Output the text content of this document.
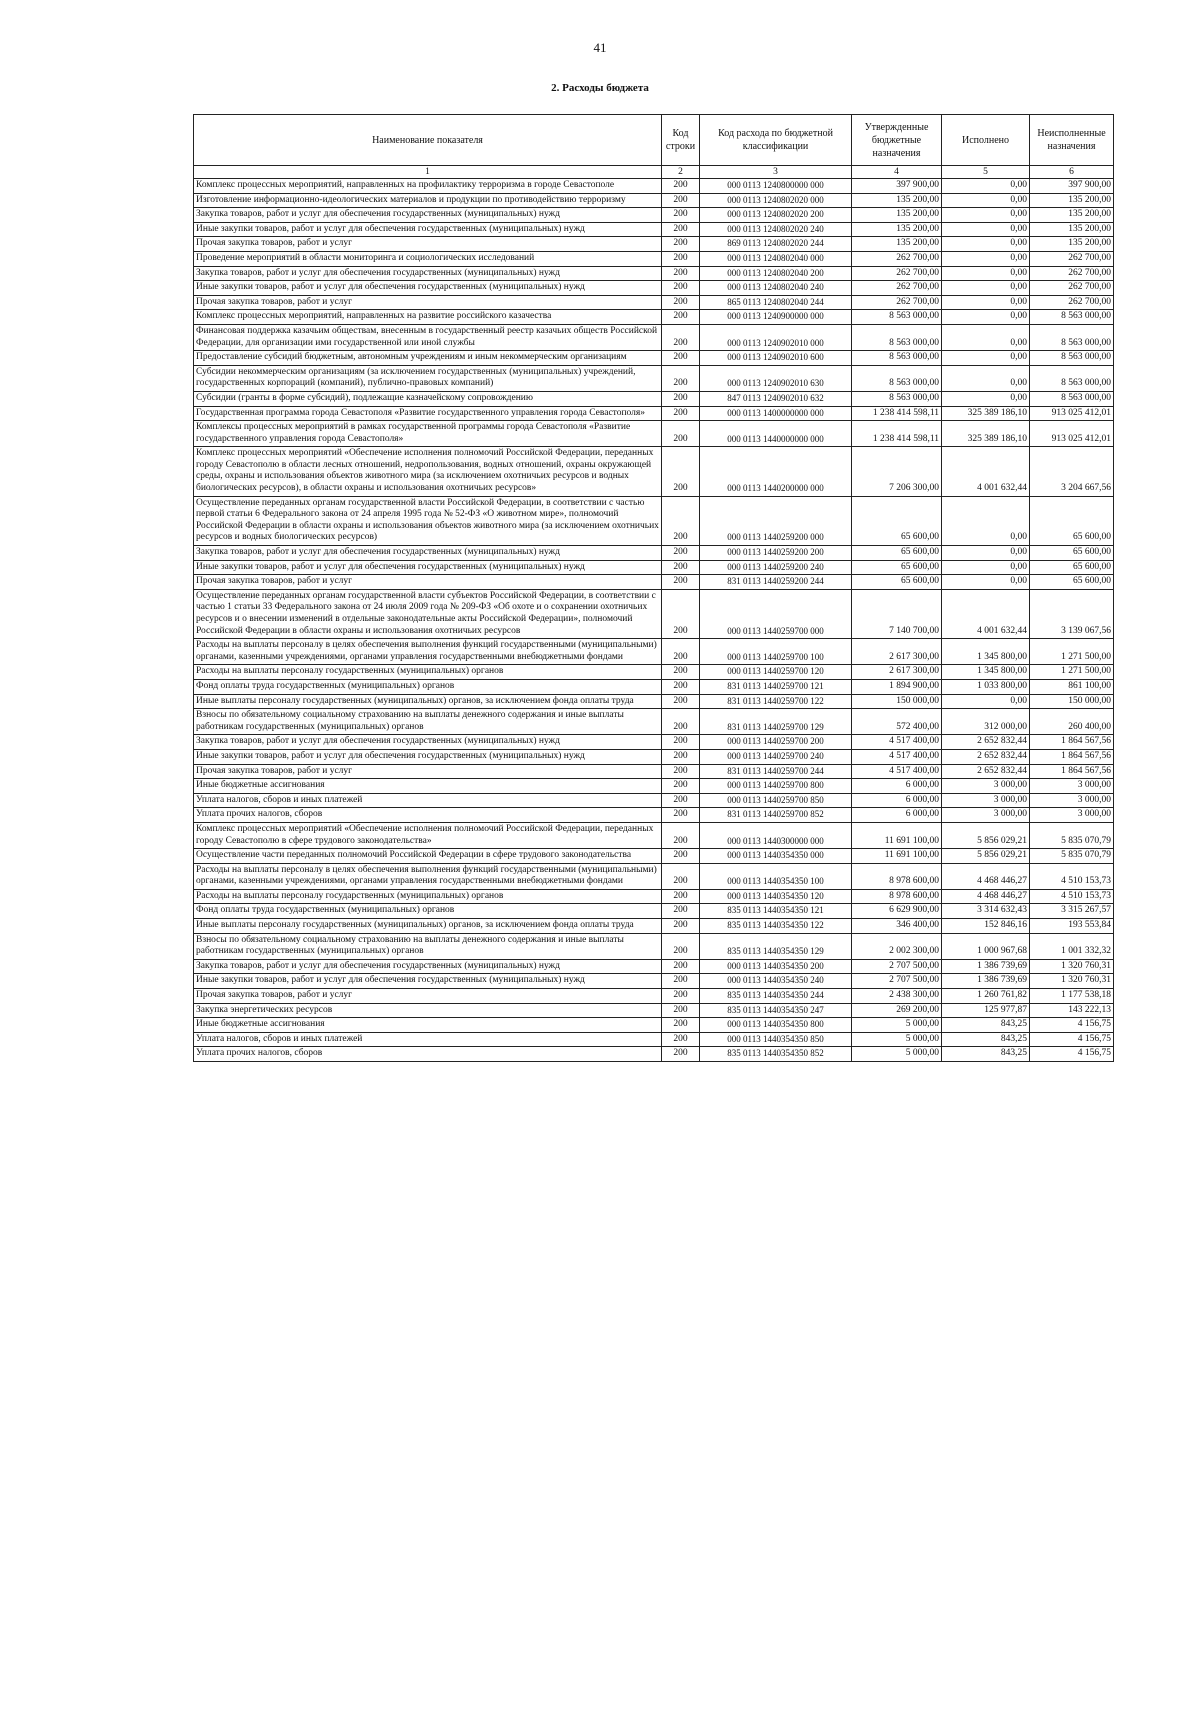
41
2. Расходы бюджета
Наименование показателя	Код строки	Код расхода по бюджетной классификации	Утвержденные бюджетные назначения	Исполнено	Неисполненные назначения
1	2	3	4	5	6
Комплекс процессных мероприятий, направленных на профилактику терроризма в городе Севастополе	200	000 0113 1240800000 000	397 900,00	0,00	397 900,00
Изготовление информационно-идеологических материалов и продукции по противодействию терроризму	200	000 0113 1240802020 000	135 200,00	0,00	135 200,00
Закупка товаров, работ и услуг для обеспечения государственных (муниципальных) нужд	200	000 0113 1240802020 200	135 200,00	0,00	135 200,00
Иные закупки товаров, работ и услуг для обеспечения государственных (муниципальных) нужд	200	000 0113 1240802020 240	135 200,00	0,00	135 200,00
Прочая закупка товаров, работ и услуг	200	869 0113 1240802020 244	135 200,00	0,00	135 200,00
Проведение мероприятий в области мониторинга и социологических исследований	200	000 0113 1240802040 000	262 700,00	0,00	262 700,00
Закупка товаров, работ и услуг для обеспечения государственных (муниципальных) нужд	200	000 0113 1240802040 200	262 700,00	0,00	262 700,00
Иные закупки товаров, работ и услуг для обеспечения государственных (муниципальных) нужд	200	000 0113 1240802040 240	262 700,00	0,00	262 700,00
Прочая закупка товаров, работ и услуг	200	865 0113 1240802040 244	262 700,00	0,00	262 700,00
Комплекс процессных мероприятий, направленных на развитие российского казачества	200	000 0113 1240900000 000	8 563 000,00	0,00	8 563 000,00
Финансовая поддержка казачьим обществам, внесенным в государственный реестр казачьих обществ Российской Федерации, для организации ими государственной или иной службы	200	000 0113 1240902010 000	8 563 000,00	0,00	8 563 000,00
Предоставление субсидий бюджетным, автономным учреждениям и иным некоммерческим организациям	200	000 0113 1240902010 600	8 563 000,00	0,00	8 563 000,00
Субсидии некоммерческим организациям (за исключением государственных (муниципальных) учреждений, государственных корпораций (компаний), публично-правовых компаний)	200	000 0113 1240902010 630	8 563 000,00	0,00	8 563 000,00
Субсидии (гранты в форме субсидий), подлежащие казначейскому сопровождению	200	847 0113 1240902010 632	8 563 000,00	0,00	8 563 000,00
Государственная программа города Севастополя «Развитие государственного управления города Севастополя»	200	000 0113 1400000000 000	1 238 414 598,11	325 389 186,10	913 025 412,01
Комплексы процессных мероприятий в рамках государственной программы города Севастополя «Развитие государственного управления города Севастополя»	200	000 0113 1440000000 000	1 238 414 598,11	325 389 186,10	913 025 412,01
Комплекс процессных мероприятий «Обеспечение исполнения полномочий Российской Федерации, переданных городу Севастополю в области лесных отношений, недропользования, водных отношений, охраны окружающей среды, охраны и использования объектов животного мира (за исключением охотничьих ресурсов и водных биологических ресурсов), в области охраны и использования охотничьих ресурсов»	200	000 0113 1440200000 000	7 206 300,00	4 001 632,44	3 204 667,56
Осуществление переданных органам государственной власти Российской Федерации, в соответствии с частью первой статьи 6 Федерального закона от 24 апреля 1995 года № 52-ФЗ «О животном мире», полномочий Российской Федерации в области охраны и использования объектов животного мира (за исключением охотничьих ресурсов и водных биологических ресурсов)	200	000 0113 1440259200 000	65 600,00	0,00	65 600,00
Закупка товаров, работ и услуг для обеспечения государственных (муниципальных) нужд	200	000 0113 1440259200 200	65 600,00	0,00	65 600,00
Иные закупки товаров, работ и услуг для обеспечения государственных (муниципальных) нужд	200	000 0113 1440259200 240	65 600,00	0,00	65 600,00
Прочая закупка товаров, работ и услуг	200	831 0113 1440259200 244	65 600,00	0,00	65 600,00
Осуществление переданных органам государственной власти субъектов Российской Федерации, в соответствии с частью 1 статьи 33 Федерального закона от 24 июля 2009 года № 209-ФЗ «Об охоте и о сохранении охотничьих ресурсов и о внесении изменений в отдельные законодательные акты Российской Федерации», полномочий Российской Федерации в области охраны и использования охотничьих ресурсов	200	000 0113 1440259700 000	7 140 700,00	4 001 632,44	3 139 067,56
Расходы на выплаты персоналу в целях обеспечения выполнения функций государственными (муниципальными) органами, казенными учреждениями, органами управления государственными внебюджетными фондами	200	000 0113 1440259700 100	2 617 300,00	1 345 800,00	1 271 500,00
Расходы на выплаты персоналу государственных (муниципальных) органов	200	000 0113 1440259700 120	2 617 300,00	1 345 800,00	1 271 500,00
Фонд оплаты труда государственных (муниципальных) органов	200	831 0113 1440259700 121	1 894 900,00	1 033 800,00	861 100,00
Иные выплаты персоналу государственных (муниципальных) органов, за исключением фонда оплаты труда	200	831 0113 1440259700 122	150 000,00	0,00	150 000,00
Взносы по обязательному социальному страхованию на выплаты денежного содержания и иные выплаты работникам государственных (муниципальных) органов	200	831 0113 1440259700 129	572 400,00	312 000,00	260 400,00
Закупка товаров, работ и услуг для обеспечения государственных (муниципальных) нужд	200	000 0113 1440259700 200	4 517 400,00	2 652 832,44	1 864 567,56
Иные закупки товаров, работ и услуг для обеспечения государственных (муниципальных) нужд	200	000 0113 1440259700 240	4 517 400,00	2 652 832,44	1 864 567,56
Прочая закупка товаров, работ и услуг	200	831 0113 1440259700 244	4 517 400,00	2 652 832,44	1 864 567,56
Иные бюджетные ассигнования	200	000 0113 1440259700 800	6 000,00	3 000,00	3 000,00
Уплата налогов, сборов и иных платежей	200	000 0113 1440259700 850	6 000,00	3 000,00	3 000,00
Уплата прочих налогов, сборов	200	831 0113 1440259700 852	6 000,00	3 000,00	3 000,00
Комплекс процессных мероприятий «Обеспечение исполнения полномочий Российской Федерации, переданных городу Севастополю в сфере трудового законодательства»	200	000 0113 1440300000 000	11 691 100,00	5 856 029,21	5 835 070,79
Осуществление части переданных полномочий Российской Федерации в сфере трудового законодательства	200	000 0113 1440354350 000	11 691 100,00	5 856 029,21	5 835 070,79
Расходы на выплаты персоналу в целях обеспечения выполнения функций государственными (муниципальными) органами, казенными учреждениями, органами управления государственными внебюджетными фондами	200	000 0113 1440354350 100	8 978 600,00	4 468 446,27	4 510 153,73
Расходы на выплаты персоналу государственных (муниципальных) органов	200	000 0113 1440354350 120	8 978 600,00	4 468 446,27	4 510 153,73
Фонд оплаты труда государственных (муниципальных) органов	200	835 0113 1440354350 121	6 629 900,00	3 314 632,43	3 315 267,57
Иные выплаты персоналу государственных (муниципальных) органов, за исключением фонда оплаты труда	200	835 0113 1440354350 122	346 400,00	152 846,16	193 553,84
Взносы по обязательному социальному страхованию на выплаты денежного содержания и иные выплаты работникам государственных (муниципальных) органов	200	835 0113 1440354350 129	2 002 300,00	1 000 967,68	1 001 332,32
Закупка товаров, работ и услуг для обеспечения государственных (муниципальных) нужд	200	000 0113 1440354350 200	2 707 500,00	1 386 739,69	1 320 760,31
Иные закупки товаров, работ и услуг для обеспечения государственных (муниципальных) нужд	200	000 0113 1440354350 240	2 707 500,00	1 386 739,69	1 320 760,31
Прочая закупка товаров, работ и услуг	200	835 0113 1440354350 244	2 438 300,00	1 260 761,82	1 177 538,18
Закупка энергетических ресурсов	200	835 0113 1440354350 247	269 200,00	125 977,87	143 222,13
Иные бюджетные ассигнования	200	000 0113 1440354350 800	5 000,00	843,25	4 156,75
Уплата налогов, сборов и иных платежей	200	000 0113 1440354350 850	5 000,00	843,25	4 156,75
Уплата прочих налогов, сборов	200	835 0113 1440354350 852	5 000,00	843,25	4 156,75
